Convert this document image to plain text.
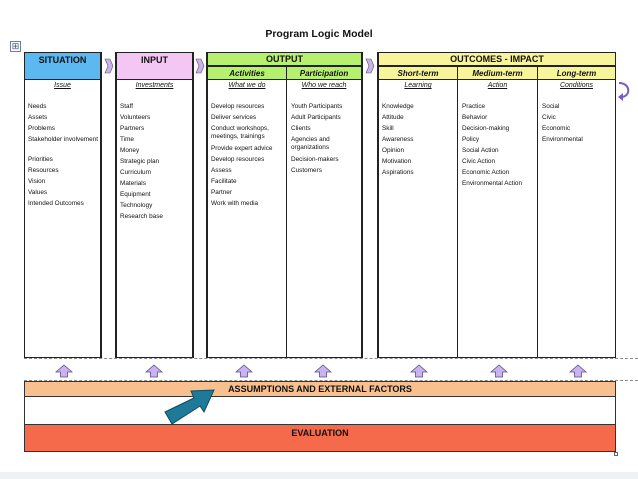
Program Logic Model
⊞
SITUATION	INPUT	OUTPUT
Activities	Participation
OUTCOMES - IMPACT
Short-term	Medium-term	Long-term
Issue	Investments	What we do	Who we reach	Learning	Action	Conditions
Needs
Assets
Problems
Stakeholder involvement
Priorities
Resources
Vision
Values
Intended Outcomes
Staff
Volunteers
Partners
Time
Money
Strategic plan
Curriculum
Materials
Equipment
Technology
Research base
Develop resources
Deliver services
Conduct workshops, meetings, trainings
Provide expert advice
Develop resources
Assess
Facilitate
Partner
Work with media
Youth Participants
Adult Participants
Clients
Agencies and organizations
Decision-makers
Customers
Knowledge
Attitude
Skill
Awareness
Opinion
Motivation
Aspirations
Practice
Behavior
Decision-making
Policy
Social Action
Civic Action
Economic Action
Environmental Action
Social
Civic
Economic
Environmental
ASSUMPTIONS AND EXTERNAL FACTORS
EVALUATION
